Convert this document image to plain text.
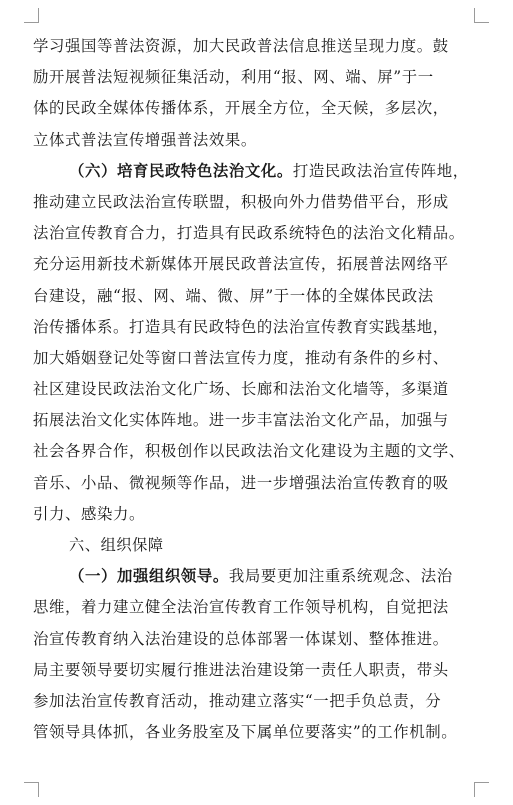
学习强国等普法资源，加大民政普法信息推送呈现力度。鼓
励开展普法短视频征集活动，利用“报、网、端、屏”于一
体的民政全媒体传播体系，开展全方位，全天候，多层次，
立体式普法宣传增强普法效果。
（六）培育民政特色法治文化。打造民政法治宣传阵地，
推动建立民政法治宣传联盟，积极向外力借势借平台，形成
法治宣传教育合力，打造具有民政系统特色的法治文化精品。
充分运用新技术新媒体开展民政普法宣传，拓展普法网络平
台建设，融“报、网、端、微、屏”于一体的全媒体民政法
治传播体系。打造具有民政特色的法治宣传教育实践基地，
加大婚姻登记处等窗口普法宣传力度，推动有条件的乡村、
社区建设民政法治文化广场、长廊和法治文化墙等，多渠道
拓展法治文化实体阵地。进一步丰富法治文化产品，加强与
社会各界合作，积极创作以民政法治文化建设为主题的文学、
音乐、小品、微视频等作品，进一步增强法治宣传教育的吸
引力、感染力。
六、组织保障
（一）加强组织领导。我局要更加注重系统观念、法治
思维，着力建立健全法治宣传教育工作领导机构，自觉把法
治宣传教育纳入法治建设的总体部署一体谋划、整体推进。
局主要领导要切实履行推进法治建设第一责任人职责，带头
参加法治宣传教育活动，推动建立落实“一把手负总责，分
管领导具体抓，各业务股室及下属单位要落实”的工作机制。
